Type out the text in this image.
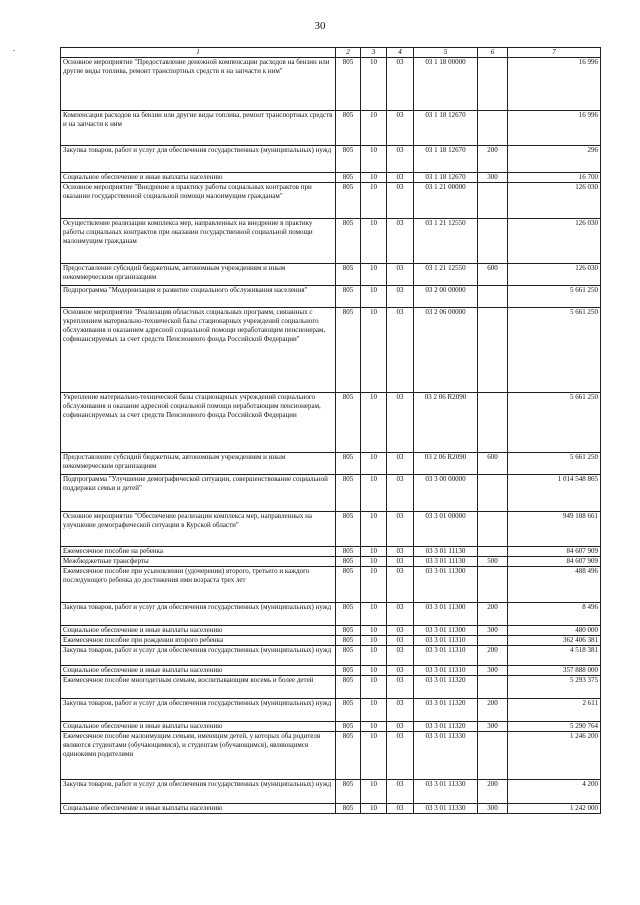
30
.	1	2	3	4	5	6	7
Основное мероприятие "Предоставление денежной компенсации расходов на бензин или другие виды топлива, ремонт транспортных средств и на запчасти к ним"	805	10	03	03 1 18 00000		16 996
Компенсация расходов на бензин или другие виды топлива, ремонт транспортных средств и на запчасти к ним	805	10	03	03 1 18 12670		16 996
Закупка товаров, работ и услуг для обеспечения государственных (муниципальных) нужд	805	10	03	03 1 18 12670	200	296
Социальное обеспечение и иные выплаты населению	805	10	03	03 1 18 12670	300	16 700
Основное мероприятие "Внедрение в практику работы социальных контрактов при оказании государственной социальной помощи малоимущим гражданам"	805	10	03	03 1 21 00000		126 030
Осуществление реализации комплекса мер, направленных на внедрение в практику работы социальных контрактов при оказании государственной социальной помощи малоимущим гражданам	805	10	03	03 1 21 12550		126 030
Предоставление субсидий бюджетным, автономным учреждениям и иным некоммерческим организациям	805	10	03	03 1 21 12550	600	126 030
Подпрограмма "Модернизация и развитие социального обслуживания населения"	805	10	03	03 2 00 00000		5 661 250
Основное мероприятие "Реализация областных социальных программ, связанных с укреплением материально-технической базы стационарных учреждений социального обслуживания и оказанием адресной социальной помощи неработающим пенсионерам, софинансируемых за счет средств Пенсионного фонда Российской Федерации"	805	10	03	03 2 06 00000		5 661 250
Укрепление материально-технической базы стационарных учреждений социального обслуживания и оказание адресной социальной помощи неработающим пенсионерам, софинансируемых за счет средств Пенсионного фонда Российской Федерации	805	10	03	03 2 06 R2090		5 661 250
Предоставление субсидий бюджетным, автономным учреждениям и иным некоммерческим организациям	805	10	03	03 2 06 R2090	600	5 661 250
Подпрограмма "Улучшение демографической ситуации, совершенствование социальной поддержки семьи и детей"	805	10	03	03 3 00 00000		1 014 548 865
Основное мероприятие "Обеспечение реализации комплекса мер, направленных на улучшение демографической ситуации в Курской области"	805	10	03	03 3 01 00000		949 108 661
Ежемесячное пособие на ребенка	805	10	03	03 3 01 11130		84 607 909
Межбюджетные трансферты	805	10	03	03 3 01 11130	500	84 607 909
Ежемесячное пособие при усыновлении (удочерении) второго, третьего и каждого последующего ребенка до достижения ими возраста трех лет	805	10	03	03 3 01 11300		488 496
Закупка товаров, работ и услуг для обеспечения государственных (муниципальных) нужд	805	10	03	03 3 01 11300	200	8 496
Социальное обеспечение и иные выплаты населению	805	10	03	03 3 01 11300	300	480 000
Ежемесячное пособие при рождении второго ребенка	805	10	03	03 3 01 11310		362 406 381
Закупка товаров, работ и услуг для обеспечения государственных (муниципальных) нужд	805	10	03	03 3 01 11310	200	4 518 381
Социальное обеспечение и иные выплаты населению	805	10	03	03 3 01 11310	300	357 888 000
Ежемесячное пособие многодетным семьям, воспитывающим восемь и более детей	805	10	03	03 3 01 11320		5 293 375
Закупка товаров, работ и услуг для обеспечения государственных (муниципальных) нужд	805	10	03	03 3 01 11320	200	2 611
Социальное обеспечение и иные выплаты населению	805	10	03	03 3 01 11320	300	5 290 764
Ежемесячное пособие малоимущим семьям, имеющим детей, у которых оба родителя являются студентами (обучающимися), и студентам (обучающимся), являющимся одинокими родителями	805	10	03	03 3 01 11330		1 246 200
Закупка товаров, работ и услуг для обеспечения государственных (муниципальных) нужд	805	10	03	03 3 01 11330	200	4 200
Социальное обеспечение и иные выплаты населению	805	10	03	03 3 01 11330	300	1 242 000
